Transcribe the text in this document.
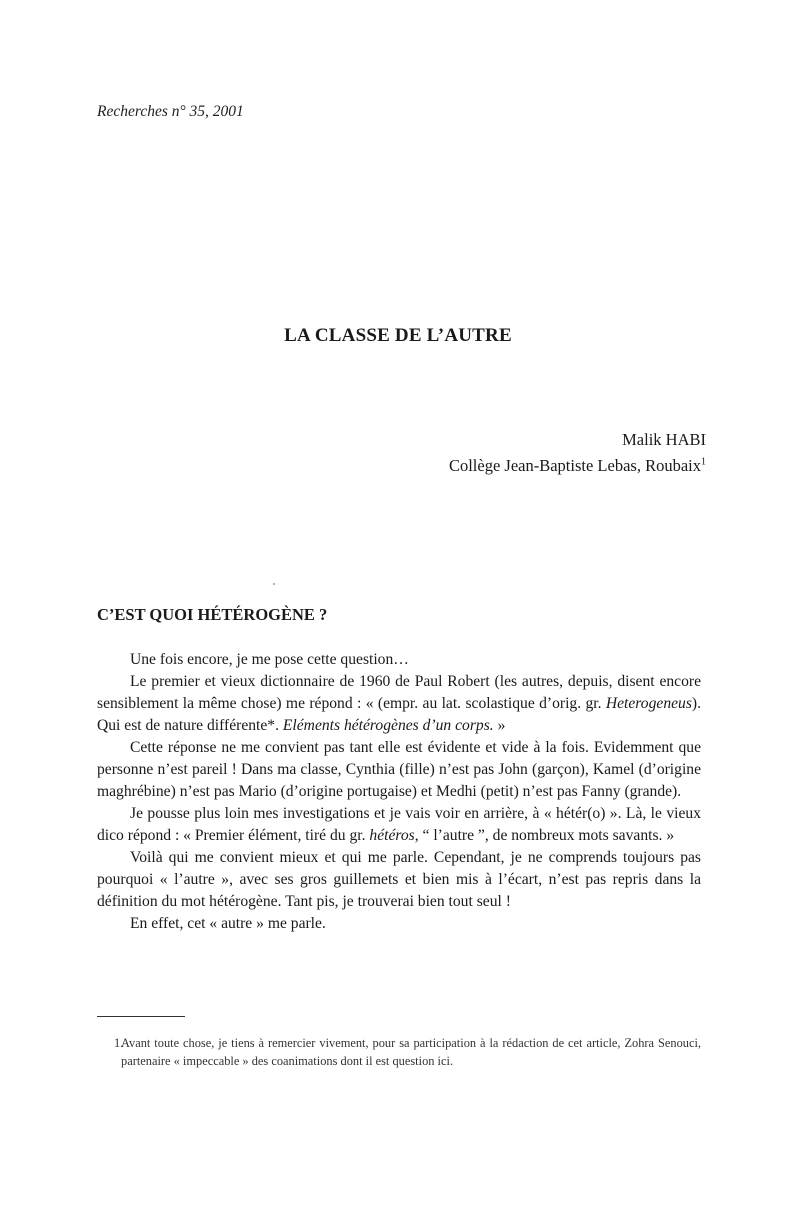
Recherches n° 35, 2001
LA CLASSE DE L’AUTRE
Malik HABI
Collège Jean-Baptiste Lebas, Roubaix$^1$
C’EST QUOI HÉTÉROGÈNE ?

Une fois encore, je me pose cette question…

Le premier et vieux dictionnaire de 1960 de Paul Robert (les autres, depuis, disent encore sensiblement la même chose) me répond : « (empr. au lat. scolastique d’orig. gr. Heterogeneus). Qui est de nature différente*. Eléments hétérogènes d’un corps. »

Cette réponse ne me convient pas tant elle est évidente et vide à la fois. Evidemment que personne n’est pareil ! Dans ma classe, Cynthia (fille) n’est pas John (garçon), Kamel (d’origine maghrébine) n’est pas Mario (d’origine portugaise) et Medhi (petit) n’est pas Fanny (grande).

Je pousse plus loin mes investigations et je vais voir en arrière, à « hétér(o) ». Là, le vieux dico répond : « Premier élément, tiré du gr. hétéros, “ l’autre ”, de nombreux mots savants. »

Voilà qui me convient mieux et qui me parle. Cependant, je ne comprends toujours pas pourquoi « l’autre », avec ses gros guillemets et bien mis à l’écart, n’est pas repris dans la définition du mot hétérogène. Tant pis, je trouverai bien tout seul !

En effet, cet « autre » me parle.

1.
Avant toute chose, je tiens à remercier vivement, pour sa participation à la rédaction de cet article, Zohra Senouci, partenaire « impeccable » des coanimations dont il est question ici.
